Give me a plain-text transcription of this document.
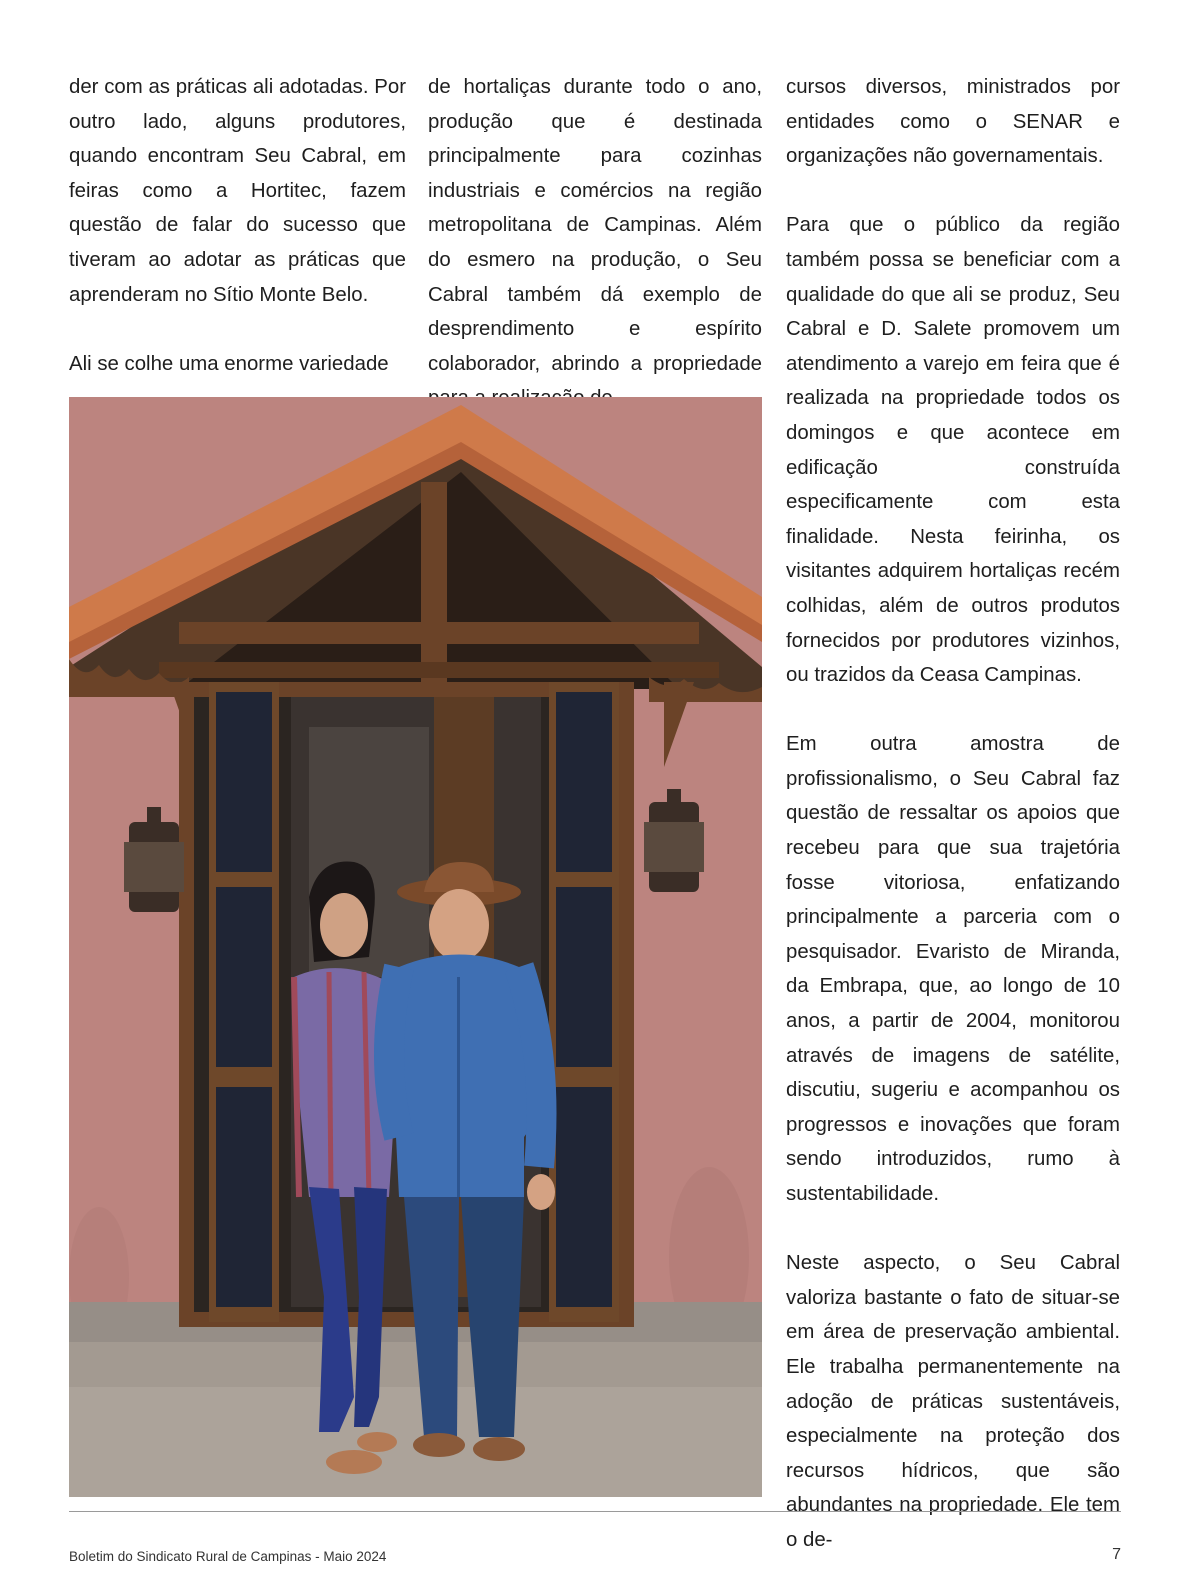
der com as práticas ali adotadas. Por outro lado, alguns produtores, quando encontram Seu Cabral, em feiras como a Hortitec, fazem questão de falar do sucesso que tiveram ao adotar as práticas que aprenderam no Sítio Monte Belo.

Ali se colhe uma enorme variedade

de hortaliças durante todo o ano, produção que é destinada principalmente para cozinhas industriais e comércios na região metropolitana de Campinas. Além do esmero na produção, o Seu Cabral também dá exemplo de desprendimento e espírito colaborador, abrindo a propriedade

cursos diversos, ministrados por entidades como o SENAR e organizações não governamentais.

Para que o público da região também possa se beneficiar com a qualidade do que ali se produz, Seu Cabral e D. Salete promovem um atendimento a varejo em feira que é realizada na propriedade todos os domingos e que acontece em edificação construída especificamente com esta finalidade. Nesta feirinha, os visitantes adquirem hortaliças recém colhidas, além de outros produtos fornecidos por produtores vizinhos, ou trazidos da Ceasa Campinas.

Em outra amostra de profissionalismo, o Seu Cabral faz questão de ressaltar os apoios que recebeu para que sua trajetória fosse vitoriosa, enfatizando principalmente a parceria com o pesquisador. Evaristo de Miranda, da Embrapa, que, ao longo de 10 anos, a partir de 2004, monitorou através de imagens de satélite, discutiu, sugeriu e acompanhou os progressos e inovações que foram sendo introduzidos, rumo à sustentabilidade.

Neste aspecto, o Seu Cabral valoriza bastante o fato de situar-se em área de preservação ambiental. Ele trabalha permanentemente na adoção de práticas sustentáveis, especialmente na proteção dos recursos hídricos, que são abundantes na propriedade. Ele tem o de-

Boletim do Sindicato Rural de Campinas - Maio 2024	7
